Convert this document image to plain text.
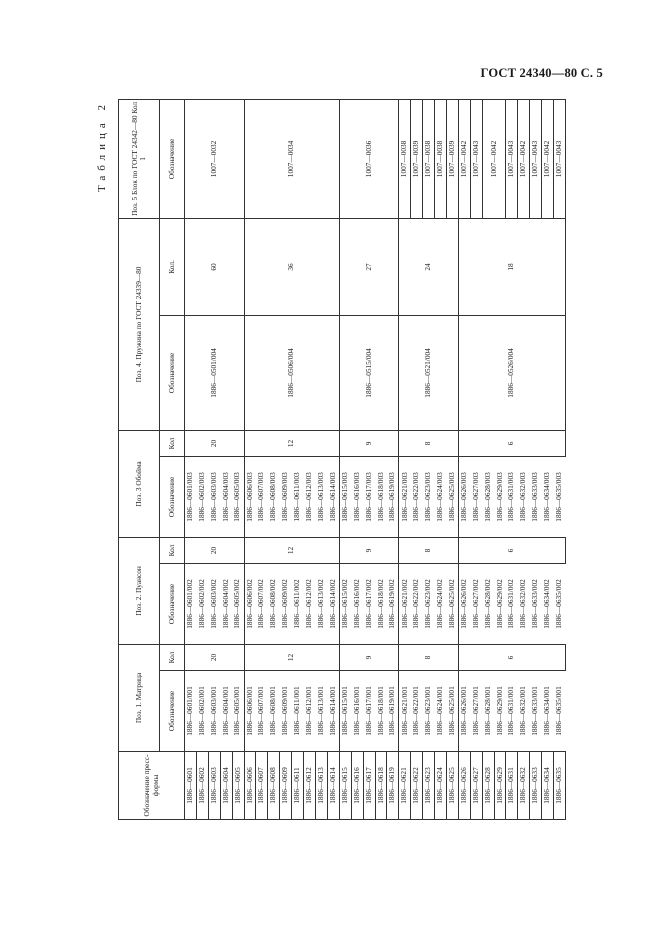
ГОСТ 24340—80 С. 5
Таблица 2
Обозначение пресс-формы	Поз. 1. Матрица		Поз. 2. Пуансон		Поз. 3 Обойма		Поз. 4. Пружина по ГОСТ 24339—80		Поз. 5 Блок по ГОСТ 24342—80 Кол 1
	Обозначение	Кол	Обозначение	Кол	Обозначение	Кол	Обозначение	Кол.	Обозначение
1886—0601	1886—0601/001	20	1886—0601/002	20	1886—0601/003	20	1886—0501/004	60	1007—0032
1886—0602	1886—0602/001		1886—0602/002		1886—0602/003				
1886—0603	1886—0603/001		1886—0603/002		1886—0603/003				
1886—0604	1886—0604/001		1886—0604/002		1886—0604/003				
1886—0605	1886—0605/001		1886—0605/002		1886—0605/003				
1886—0606	1886—0606/001	12	1886—0606/002	12	1886—0606/003	12	1886—0506/004	36	1007—0034
1886—0607	1886—0607/001		1886—0607/002		1886—0607/003				
1886—0608	1886—0608/001		1886—0608/002		1886—0608/003				
1886—0609	1886—0609/001		1886—0609/002		1886—0609/003				
1886—0611	1886—0611/001		1886—0611/002		1886—0611/003				
1886—0612	1886—0612/001		1886—0612/002		1886—0612/003				
1886—0613	1886—0613/001		1886—0613/002		1886—0613/003				
1886—0614	1886—0614/001		1886—0614/002		1886—0614/003				
1886—0615	1886—0615/001	9	1886—0615/002	9	1886—0615/003	9	1886—0515/004	27	1007—0036
1886—0616	1886—0616/001		1886—0616/002		1886—0616/003				
1886—0617	1886—0617/001		1886—0617/002		1886—0617/003				
1886—0618	1886—0618/001		1886—0618/002		1886—0618/003				
1886—0619	1886—0619/001		1886—0619/002		1886—0619/003				
1886—0621	1886—0621/001	8	1886—0621/002	8	1886—0621/003	8	1886—0521/004	24	1007—0038
1886—0622	1886—0622/001		1886—0622/002		1886—0622/003				1007—0039
1886—0623	1886—0623/001		1886—0623/002		1886—0623/003				1007—0038
1886—0624	1886—0624/001		1886—0624/002		1886—0624/003				1007—0038
1886—0625	1886—0625/001		1886—0625/002		1886—0625/003				1007—0039
1886—0626	1886—0626/001	6	1886—0626/002	6	1886—0626/003	6	1886—0526/004	18	1007—0042
1886—0627	1886—0627/001		1886—0627/002		1886—0627/003				1007—0043
1886—0628	1886—0628/001		1886—0628/002		1886—0628/003				1007—0042
1886—0629	1886—0629/001		1886—0629/002		1886—0629/003				
1886—0631	1886—0631/001		1886—0631/002		1886—0631/003				1007—0043
1886—0632	1886—0632/001		1886—0632/002		1886—0632/003				1007—0042
1886—0633	1886—0633/001		1886—0633/002		1886—0633/003				1007—0043
1886—0634	1886—0634/001		1886—0634/002		1886—0634/003				1007—0042
1886—0635	1886—0635/001		1886—0635/002		1886—0635/003				1007—0043
